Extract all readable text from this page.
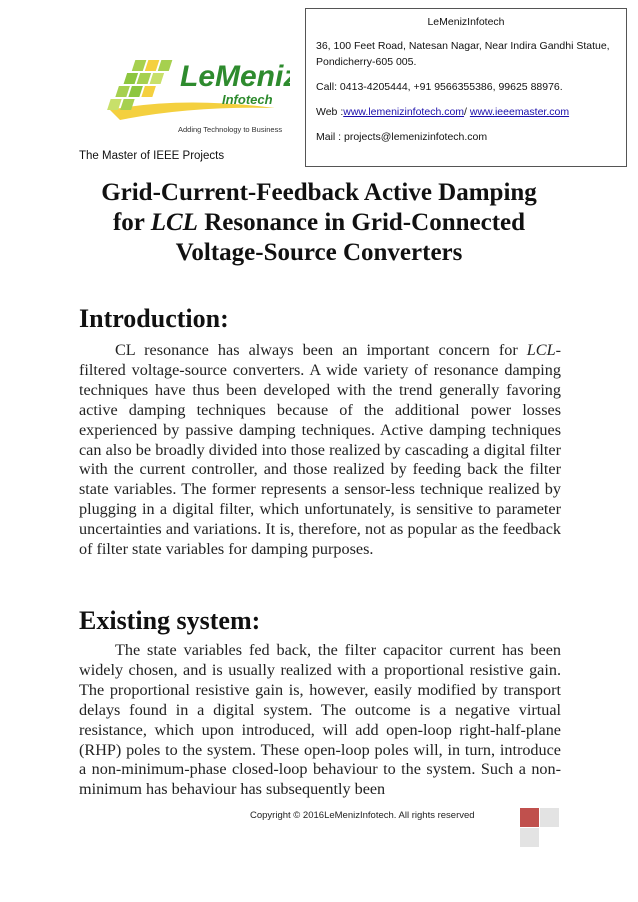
LeMeniz
Infotech
Adding Technology to Business
The Master of IEEE Projects
LeMenizInfotech
36, 100 Feet Road, Natesan Nagar, Near Indira Gandhi Statue, Pondicherry-605 005.
Call: 0413-4205444, +91 9566355386, 99625 88976.
Web :www.lemenizinfotech.com/ www.ieeemaster.com
Mail : projects@lemenizinfotech.com
Grid-Current-Feedback Active Damping
for LCL Resonance in Grid-Connected
Voltage-Source Converters
Introduction:
CL resonance has always been an important concern for LCL-filtered voltage-source converters. A wide variety of resonance damping techniques have thus been developed with the trend generally favoring active damping techniques because of the additional power losses experienced by passive damping techniques. Active damping techniques can also be broadly divided into those realized by cascading a digital filter with the current controller, and those realized by feeding back the filter state variables. The former represents a sensor-less technique realized by plugging in a digital filter, which unfortunately, is sensitive to parameter uncertainties and variations. It is, therefore, not as popular as the feedback of filter state variables for damping purposes.
Existing system:
The state variables fed back, the filter capacitor current has been widely chosen, and is usually realized with a proportional resistive gain. The proportional resistive gain is, however, easily modified by transport delays found in a digital system. The outcome is a negative virtual resistance, which upon introduced, will add open-loop right-half-plane (RHP) poles to the system. These open-loop poles will, in turn, introduce a non-minimum-phase closed-loop behaviour to the system. Such a non-minimum has behaviour has subsequently been
Copyright © 2016LeMenizInfotech. All rights reserved
